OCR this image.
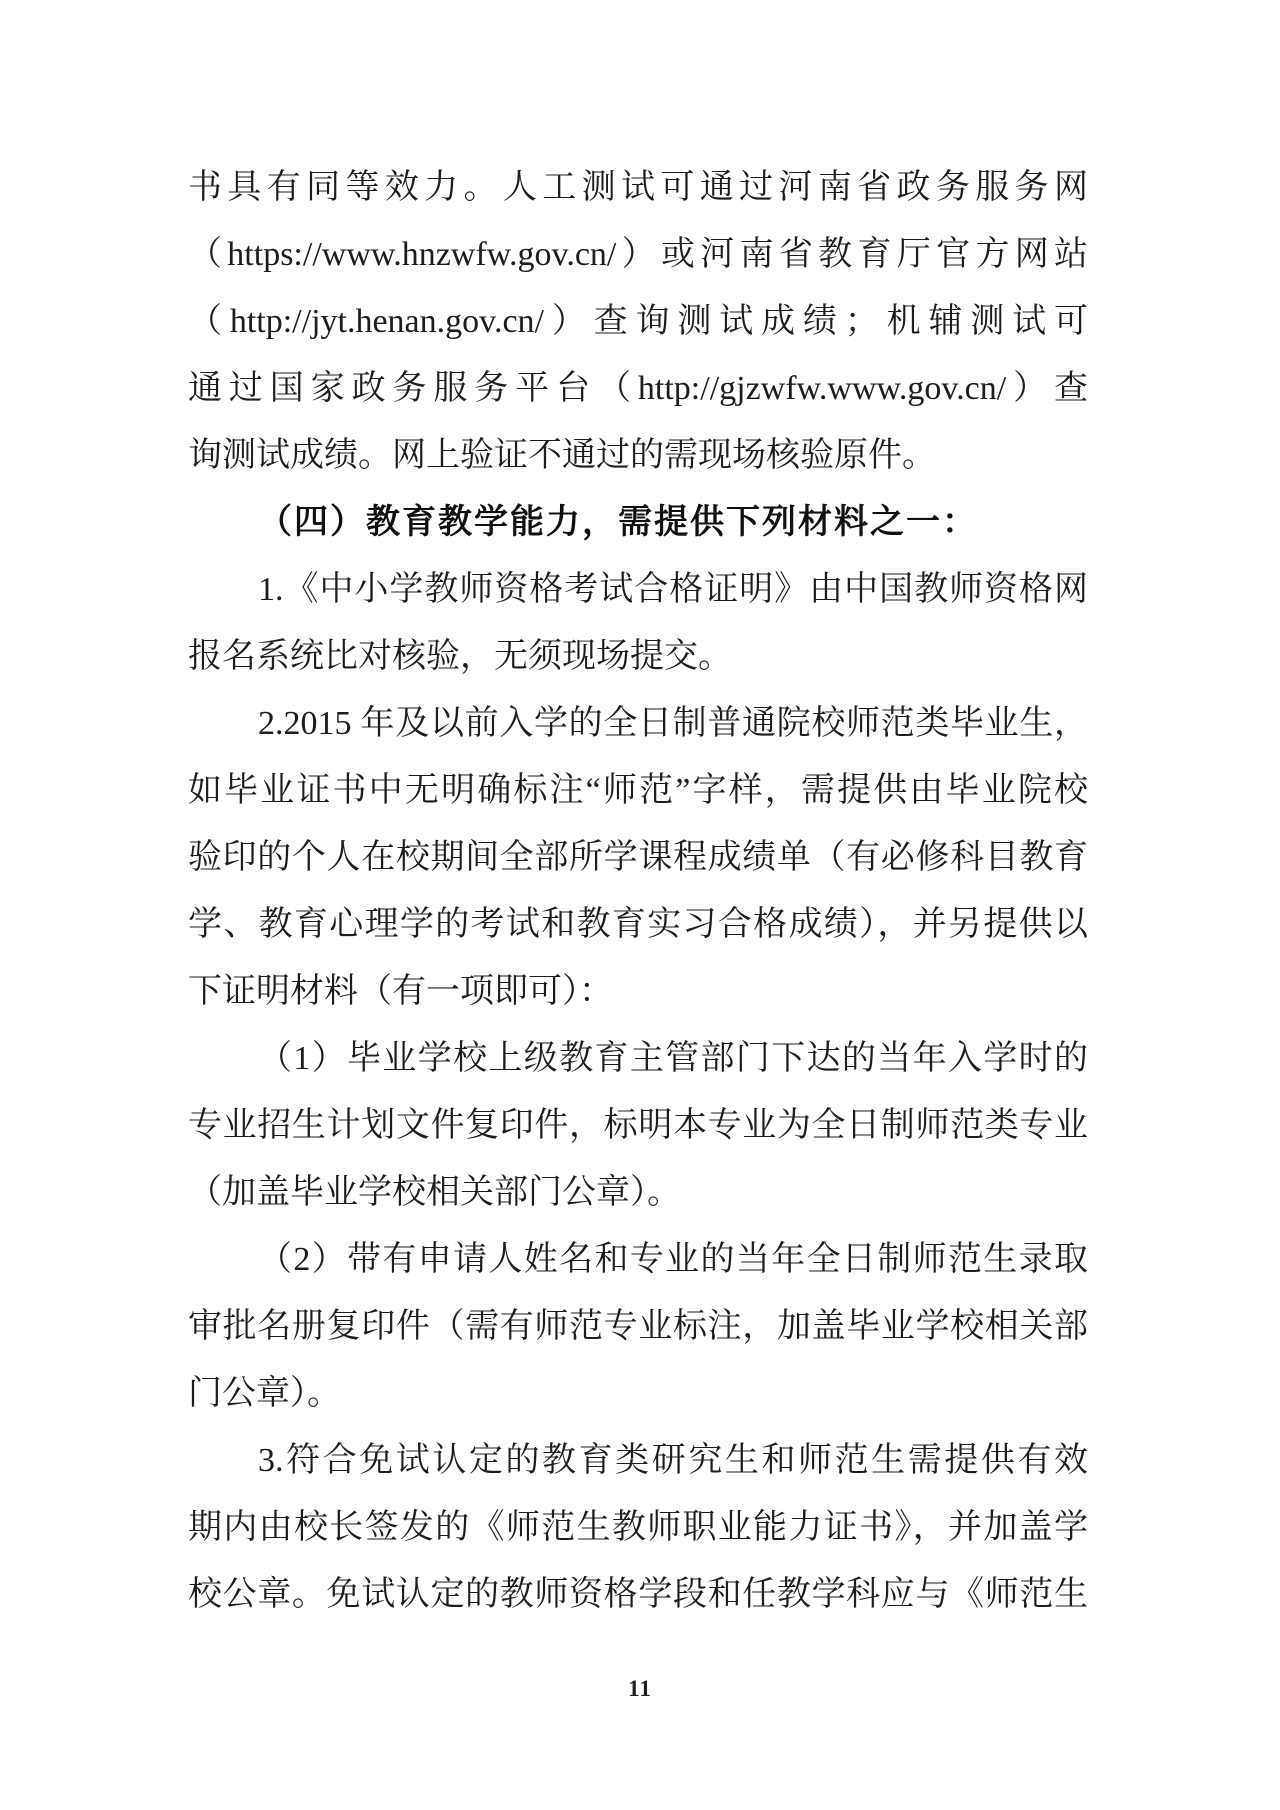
书具有同等效力。人工测试可通过河南省政务服务网
（https://www.hnzwfw.gov.cn/）或河南省教育厅官方网站
（http://jyt.henan.gov.cn/）查询测试成绩；机辅测试可
通过国家政务服务平台（http://gjzwfw.www.gov.cn/）查
询测试成绩。网上验证不通过的需现场核验原件。
（四）教育教学能力，需提供下列材料之一：
1.《中小学教师资格考试合格证明》由中国教师资格网
报名系统比对核验，无须现场提交。
2.2015 年及以前入学的全日制普通院校师范类毕业生，
如毕业证书中无明确标注“师范”字样，需提供由毕业院校
验印的个人在校期间全部所学课程成绩单（有必修科目教育
学、教育心理学的考试和教育实习合格成绩），并另提供以
下证明材料（有一项即可）：
（1）毕业学校上级教育主管部门下达的当年入学时的
专业招生计划文件复印件，标明本专业为全日制师范类专业
（加盖毕业学校相关部门公章）。
（2）带有申请人姓名和专业的当年全日制师范生录取
审批名册复印件（需有师范专业标注，加盖毕业学校相关部
门公章）。
3.符合免试认定的教育类研究生和师范生需提供有效
期内由校长签发的《师范生教师职业能力证书》，并加盖学
校公章。免试认定的教师资格学段和任教学科应与《师范生
11
